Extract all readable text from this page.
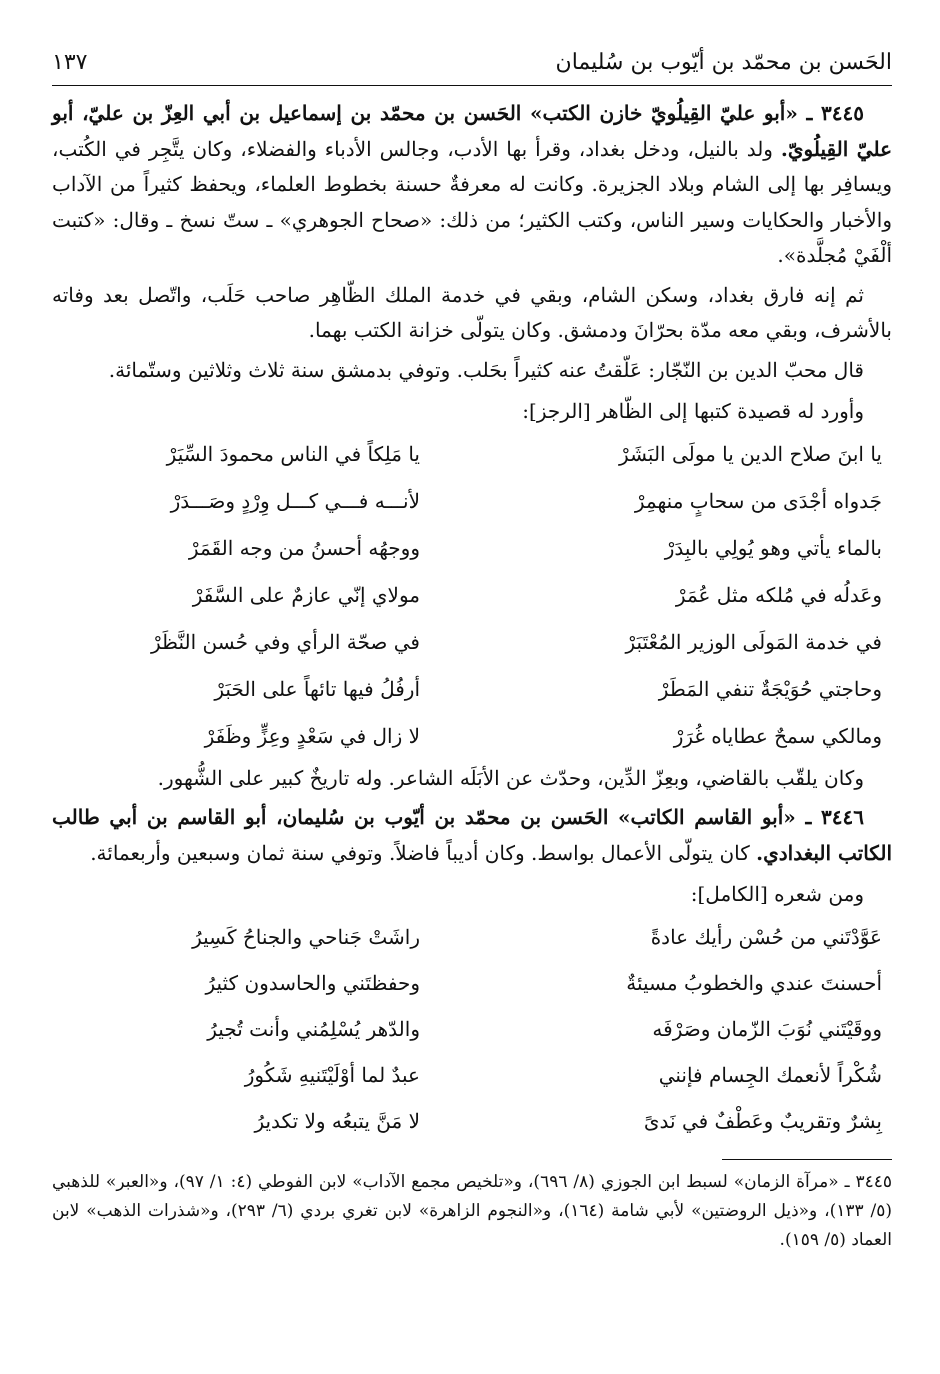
الحَسن بن محمّد بن أيّوب بن سُليمان
١٣٧

٣٤٤٥ ـ «أبو عليّ القِيلُويّ خازن الكتب» الحَسن بن محمّد بن إسماعيل بن أبي العِزّ بن عليّ، أبو عليّ القِيلُويّ. ولد بالنيل، ودخل بغداد، وقرأ بها الأدب، وجالس الأدباء والفضلاء، وكان يتَّجِر في الكُتب، ويسافِر بها إلى الشام وبلاد الجزيرة. وكانت له معرفةٌ حسنة بخطوط العلماء، ويحفظ كثيراً من الآداب والأخبار والحكايات وسير الناس، وكتب الكثير؛ من ذلك: «صحاح الجوهري» ـ ستّ نسخ ـ وقال: «كتبت ألْفَيْ مُجلَّدة».

ثم إنه فارق بغداد، وسكن الشام، وبقي في خدمة الملك الظّاهِر صاحب حَلَب، واتّصل بعد وفاته بالأشرف، وبقي معه مدّة بحرّانَ ودمشق. وكان يتولّى خزانة الكتب بهما.

قال محبّ الدين بن النّجّار: عَلّقتُ عنه كثيراً بحَلب. وتوفي بدمشق سنة ثلاث وثلاثين وستّمائة.

وأورد له قصيدة كتبها إلى الظّاهر [الرجز]:

يا ابنَ صلاح الدين يا مولَى البَشَرْ	يا مَلِكاً في الناس محمودَ السِّيَرْ
جَدواه أجْدَى من سحابٍ منهمِرْ	لأنـــه فـــي كـــل وِرْدٍ وصَـــدَرْ
بالماء يأتي وهو يُولِي بالبِدَرْ	ووجهُه أحسنُ من وجه القَمَرْ
وعَدلُه في مُلكه مثل عُمَرْ	مولاي إنّي عازمٌ على السَّفَرْ
في خدمة المَولَى الوزير المُعْتَبَرْ	في صحّة الرأي وفي حُسن النَّظَرْ
وحاجتي حُوَيْجَةٌ تنفي المَطَرْ	أرفُلُ فيها تائهاً على الحَبَرْ
ومالكي سمحٌ عطاياه غُرَرْ	لا زال في سَعْدٍ وعِزٍّ وظَفَرْ

وكان يلقّب بالقاضي، وبعِزّ الدِّين، وحدّث عن الأبَلَه الشاعر. وله تاريخٌ كبير على الشُّهور.

٣٤٤٦ ـ «أبو القاسم الكاتب» الحَسن بن محمّد بن أيّوب بن سُليمان، أبو القاسم بن أبي طالب الكاتب البغدادي. كان يتولّى الأعمال بواسط. وكان أديباً فاضلاً. وتوفي سنة ثمان وسبعين وأربعمائة.

ومن شعره [الكامل]:

عَوَّدْتَني من حُسْن رأيك عادةً	راشَتْ جَناحي والجناحُ كَسِيرُ
أحسنتَ عندي والخطوبُ مسيئةٌ	وحفظتَني والحاسدون كثيرُ
ووقَيْتَني نُوَبَ الزّمان وصَرْفَه	والدّهر يُسْلِمُني وأنت تُجيرُ
شُكْراً لأنعمك الجِسام فإنني	عبدٌ لما أوْلَيْتَنيهِ شَكُورُ
بِشرٌ وتقريبٌ وعَطْفٌ في نَدىً	لا مَنَّ يتبعُه ولا تكديرُ

٣٤٤٥ ـ «مرآة الزمان» لسبط ابن الجوزي (٨/ ٦٩٦)، و«تلخيص مجمع الآداب» لابن الفوطي (٤: ١/ ٩٧)، و«العبر» للذهبي (٥/ ١٣٣)، و«ذيل الروضتين» لأبي شامة (١٦٤)، و«النجوم الزاهرة» لابن تغري بردي (٦/ ٢٩٣)، و«شذرات الذهب» لابن العماد (٥/ ١٥٩).
